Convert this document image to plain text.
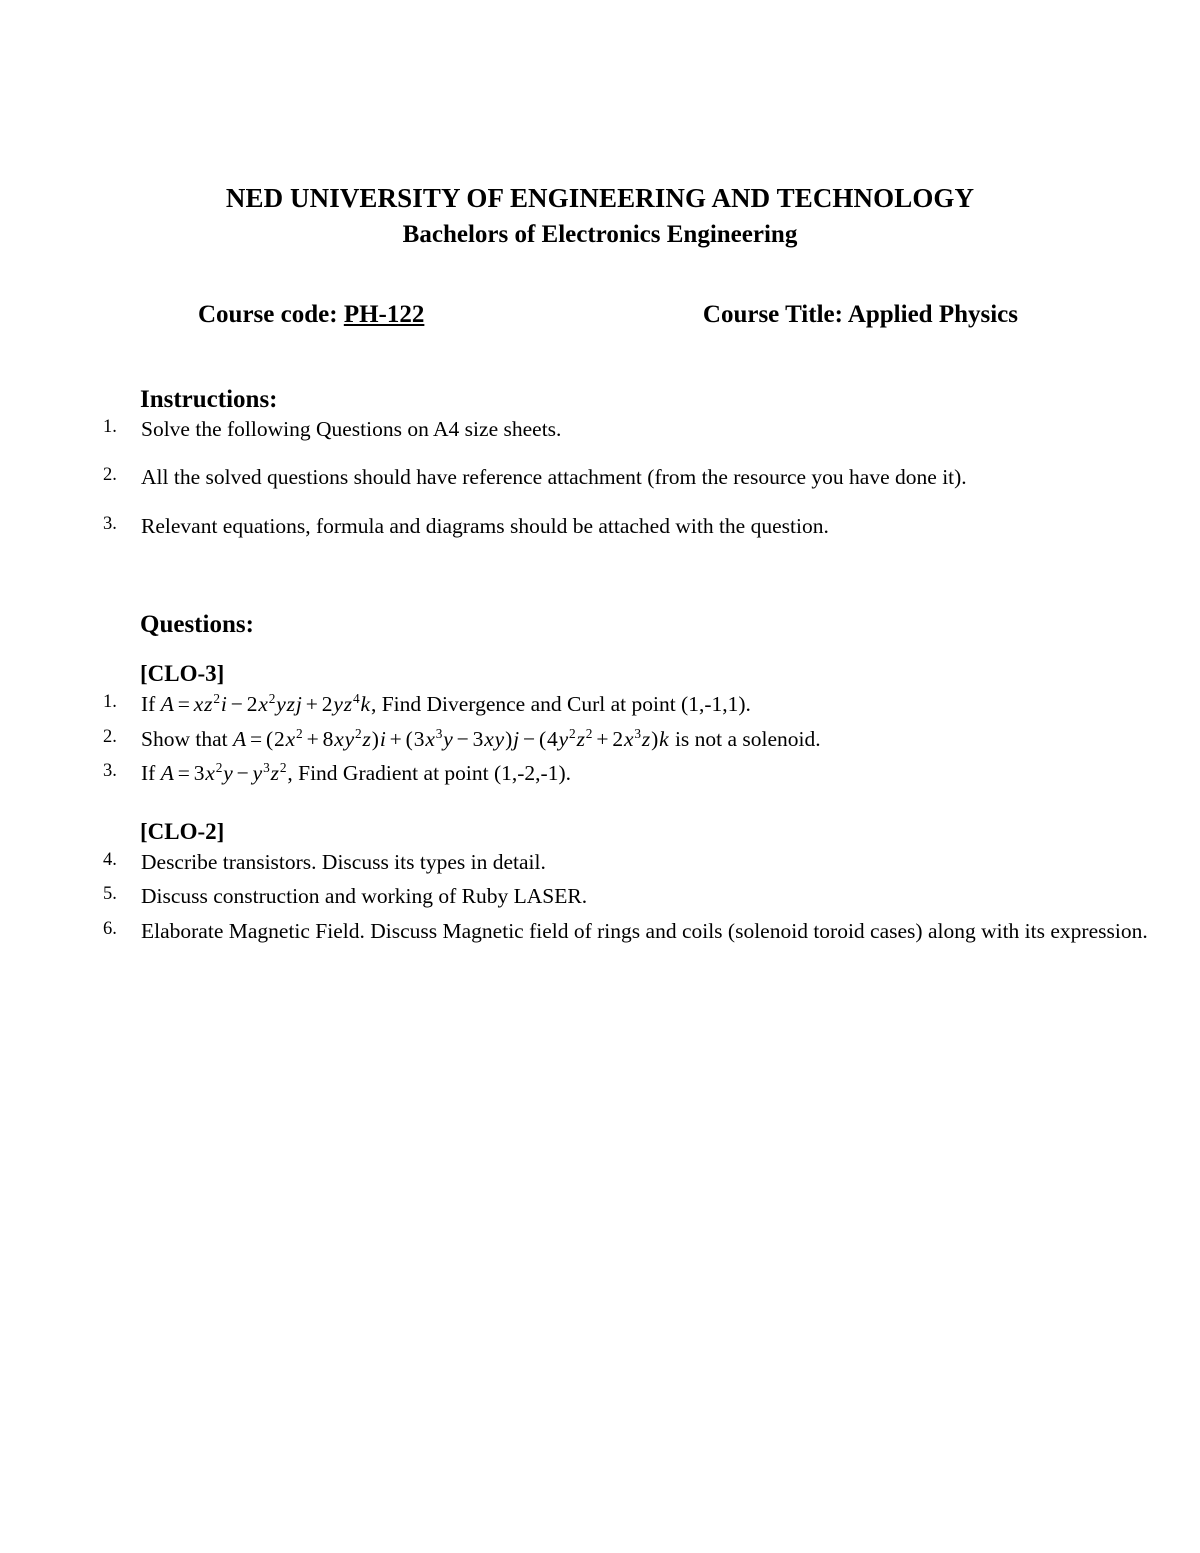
NED UNIVERSITY OF ENGINEERING AND TECHNOLOGY
Bachelors of Electronics Engineering
Course code: PH-122	Course Title: Applied Physics
Instructions:
1.	Solve the following Questions on A4 size sheets.
2.	All the solved questions should have reference attachment (from the resource you have done it).
3.	Relevant equations, formula and diagrams should be attached with the question.
Questions:
[CLO-3]
1.	If $A = xz^2i - 2x^2yzj + 2yz^4k$, Find Divergence and Curl at point (1,-1,1).
2.	Show that $A = (2x^2 + 8xy^2z)i + (3x^3y - 3xy)j - (4y^2z^2 + 2x^3z)k$ is not a solenoid.
3.	If $A = 3x^2y - y^3z^2$, Find Gradient at point (1,-2,-1).
[CLO-2]
4.	Describe transistors. Discuss its types in detail.
5.	Discuss construction and working of Ruby LASER.
6.	Elaborate Magnetic Field. Discuss Magnetic field of rings and coils (solenoid toroid cases) along with its expression.
